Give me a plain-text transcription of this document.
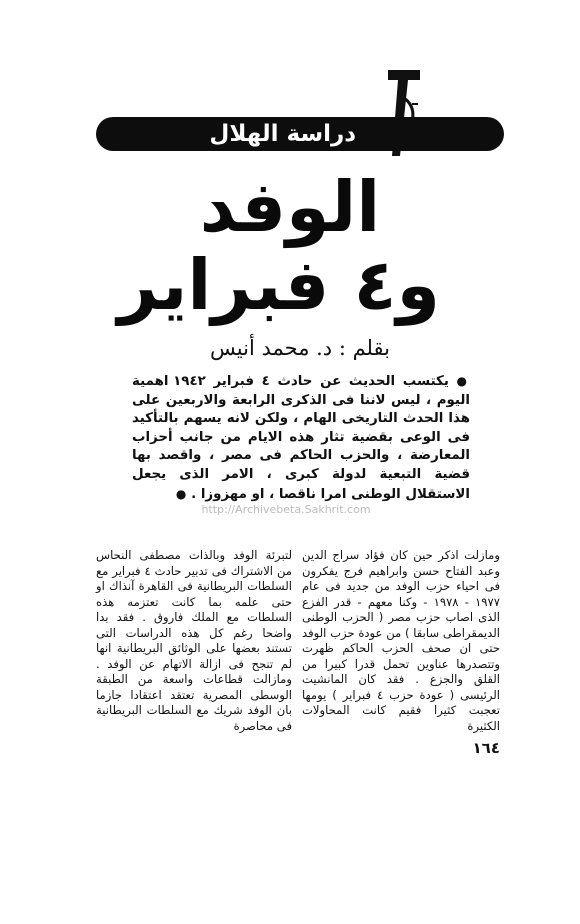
دراسة الهلال
الوفد
و٤ فبراير
بقلم : د. محمد أنيس
● يكتسب الحديث عن حادث ٤ فبراير ١٩٤٢ اهمية اليوم ، ليس لاننا فى الذكرى الرابعة والاربعين على هذا الحدث التاريخى الهام ، ولكن لانه يسهم بالتأكيد فى الوعى بقضية تثار هذه الايام من جانب أحزاب المعارضة ، والحزب الحاكم فى مصر ، واقصد بها قضية التبعية لدولة كبرى ، الامر الذى يجعل الاستقلال الوطنى امرا ناقصا ، او مهزوزا . ●
http://Archivebeta.Sakhrit.com
ومازلت اذكر حين كان فؤاد سراج الدين وعبد الفتاح حسن وابراهيم فرج يفكرون فى احياء حزب الوفد من جديد فى عام ١٩٧٧ - ١٩٧٨ - وكنا معهم - قدر الفزع الذى اصاب حزب مصر ( الحزب الوطنى الديمقراطى سابقا ) من عودة حزب الوفد حتى ان صحف الحزب الحاكم ظهرت وتتصدرها عناوين تحمل قدرا كبيرا من القلق والجزع . فقد كان المانشيت الرئيسى ( عودة حزب ٤ فبراير ) يومها تعجبت كثيرا فقيم كانت المحاولات الكثيرة
لتبرئة الوفد وبالذات مصطفى النحاس من الاشتراك فى تدبير حادث ٤ فبراير مع السلطات البريطانية فى القاهرة آنذاك او حتى علمه بما كانت تعتزمه هذه السلطات مع الملك فاروق . فقد بدا واضحا رغم كل هذه الدراسات التى تستند بعضها على الوثائق البريطانية انها لم تنجح فى ازالة الاتهام عن الوفد . ومازالت قطاعات واسعة من الطبقة الوسطى المصرية تعتقد اعتقادا جازما بان الوفد شريك مع السلطات البريطانية فى محاصرة
١٦٤
